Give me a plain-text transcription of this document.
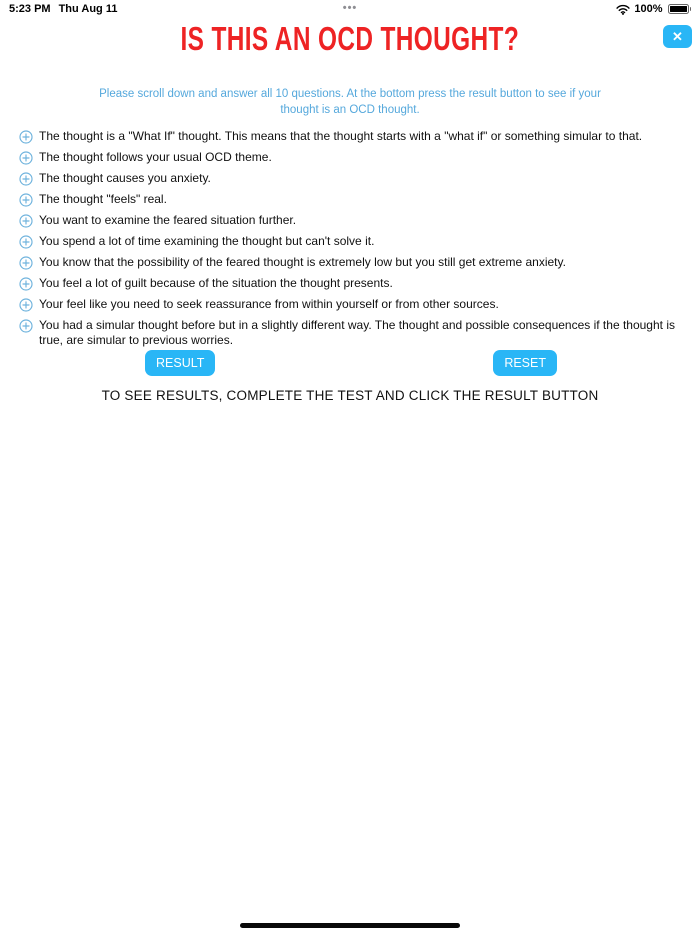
5:23 PM Thu Aug 11	•••	100%
IS THIS AN OCD THOUGHT?	✕

Please scroll down and answer all 10 questions. At the bottom press the result button to see if your thought is an OCD thought.

The thought is a "What If" thought. This means that the thought starts with a "what if" or something simular to that.
The thought follows your usual OCD theme.
The thought causes you anxiety.
The thought "feels" real.
You want to examine the feared situation further.
You spend a lot of time examining the thought but can't solve it.
You know that the possibility of the feared thought is extremely low but you still get extreme anxiety.
You feel a lot of guilt because of the situation the thought presents.
Your feel like you need to seek reassurance from within yourself or from other sources.
You had a simular thought before but in a slightly different way. The thought and possible consequences if the thought is true, are simular to previous worries.
RESULT	RESET

TO SEE RESULTS, COMPLETE THE TEST AND CLICK THE RESULT BUTTON
